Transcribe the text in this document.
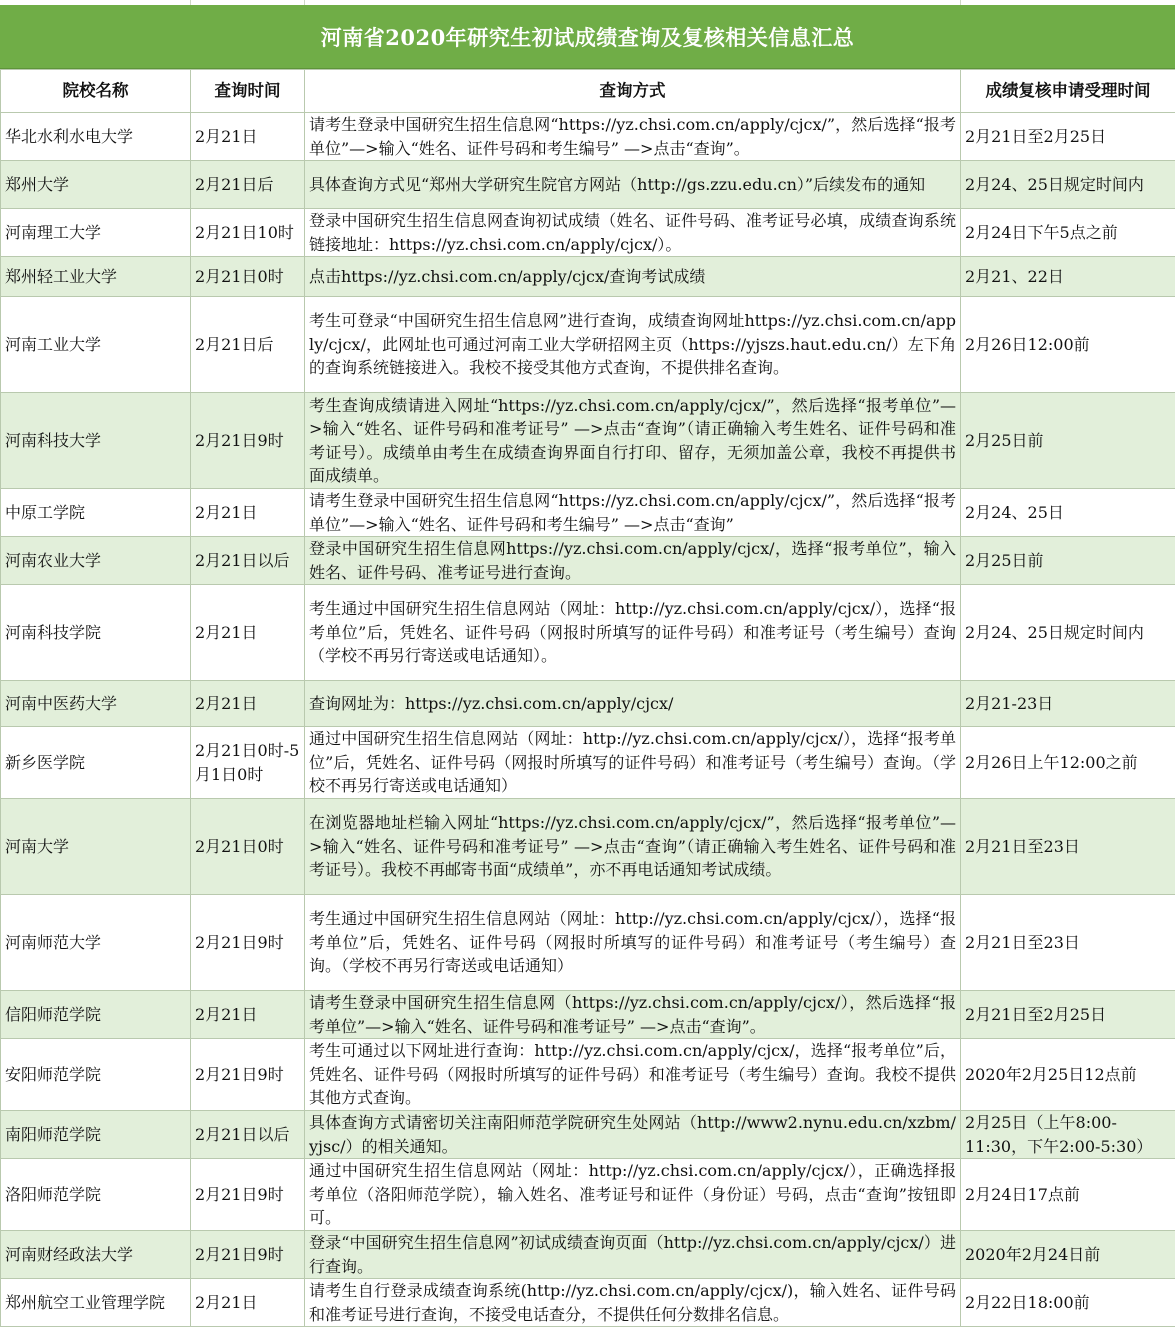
河南省2020年研究生初试成绩查询及复核相关信息汇总
院校名称	查询时间	查询方式	成绩复核申请受理时间
华北水利水电大学	2月21日	请考生登录中国研究生招生信息网“https://yz.chsi.com.cn/apply/cjcx/”，然后选择“报考单位”—>输入“姓名、证件号码和考生编号” —>点击“查询”。	2月21日至2月25日
郑州大学	2月21日后	具体查询方式见“郑州大学研究生院官方网站（http://gs.zzu.edu.cn）”后续发布的通知	2月24、25日规定时间内
河南理工大学	2月21日10时	登录中国研究生招生信息网查询初试成绩（姓名、证件号码、准考证号必填，成绩查询系统链接地址：https://yz.chsi.com.cn/apply/cjcx/）。	2月24日下午5点之前
郑州轻工业大学	2月21日0时	点击https://yz.chsi.com.cn/apply/cjcx/查询考试成绩	2月21、22日
河南工业大学	2月21日后	考生可登录“中国研究生招生信息网”进行查询，成绩查询网址https://yz.chsi.com.cn/apply/cjcx/，此网址也可通过河南工业大学研招网主页（https://yjszs.haut.edu.cn/）左下角的查询系统链接进入。我校不接受其他方式查询，不提供排名查询。	2月26日12:00前
河南科技大学	2月21日9时	考生查询成绩请进入网址“https://yz.chsi.com.cn/apply/cjcx/”，然后选择“报考单位”—>输入“姓名、证件号码和准考证号” —>点击“查询”（请正确输入考生姓名、证件号码和准考证号）。成绩单由考生在成绩查询界面自行打印、留存，无须加盖公章，我校不再提供书面成绩单。	2月25日前
中原工学院	2月21日	请考生登录中国研究生招生信息网“https://yz.chsi.com.cn/apply/cjcx/”，然后选择“报考单位”—>输入“姓名、证件号码和考生编号” —>点击“查询”	2月24、25日
河南农业大学	2月21日以后	登录中国研究生招生信息网https://yz.chsi.com.cn/apply/cjcx/，选择“报考单位”，输入姓名、证件号码、准考证号进行查询。	2月25日前
河南科技学院	2月21日	考生通过中国研究生招生信息网站（网址：http://yz.chsi.com.cn/apply/cjcx/），选择“报考单位”后，凭姓名、证件号码（网报时所填写的证件号码）和准考证号（考生编号）查询（学校不再另行寄送或电话通知）。	2月24、25日规定时间内
河南中医药大学	2月21日	查询网址为：https://yz.chsi.com.cn/apply/cjcx/	2月21-23日
新乡医学院	2月21日0时-5月1日0时	通过中国研究生招生信息网站（网址：http://yz.chsi.com.cn/apply/cjcx/），选择“报考单位”后，凭姓名、证件号码（网报时所填写的证件号码）和准考证号（考生编号）查询。（学校不再另行寄送或电话通知）	2月26日上午12:00之前
河南大学	2月21日0时	在浏览器地址栏输入网址“https://yz.chsi.com.cn/apply/cjcx/”，然后选择“报考单位”—>输入“姓名、证件号码和准考证号” —>点击“查询”（请正确输入考生姓名、证件号码和准考证号）。我校不再邮寄书面“成绩单”，亦不再电话通知考试成绩。	2月21日至23日
河南师范大学	2月21日9时	考生通过中国研究生招生信息网站（网址：http://yz.chsi.com.cn/apply/cjcx/），选择“报考单位”后，凭姓名、证件号码（网报时所填写的证件号码）和准考证号（考生编号）查询。（学校不再另行寄送或电话通知）	2月21日至23日
信阳师范学院	2月21日	请考生登录中国研究生招生信息网（https://yz.chsi.com.cn/apply/cjcx/），然后选择“报考单位”—>输入“姓名、证件号码和准考证号” —>点击“查询”。	2月21日至2月25日
安阳师范学院	2月21日9时	考生可通过以下网址进行查询：http://yz.chsi.com.cn/apply/cjcx/，选择“报考单位”后，凭姓名、证件号码（网报时所填写的证件号码）和准考证号（考生编号）查询。我校不提供其他方式查询。	2020年2月25日12点前
南阳师范学院	2月21日以后	具体查询方式请密切关注南阳师范学院研究生处网站（http://www2.nynu.edu.cn/xzbm/yjsc/）的相关通知。	2月25日（上午8:00-11:30，下午2:00-5:30）
洛阳师范学院	2月21日9时	通过中国研究生招生信息网站（网址：http://yz.chsi.com.cn/apply/cjcx/），正确选择报考单位（洛阳师范学院），输入姓名、准考证号和证件（身份证）号码，点击“查询”按钮即可。	2月24日17点前
河南财经政法大学	2月21日9时	登录“中国研究生招生信息网”初试成绩查询页面（http://yz.chsi.com.cn/apply/cjcx/）进行查询。	2020年2月24日前
郑州航空工业管理学院	2月21日	请考生自行登录成绩查询系统(http://yz.chsi.com.cn/apply/cjcx/)，输入姓名、证件号码和准考证号进行查询，不接受电话查分，不提供任何分数排名信息。	2月22日18:00前
